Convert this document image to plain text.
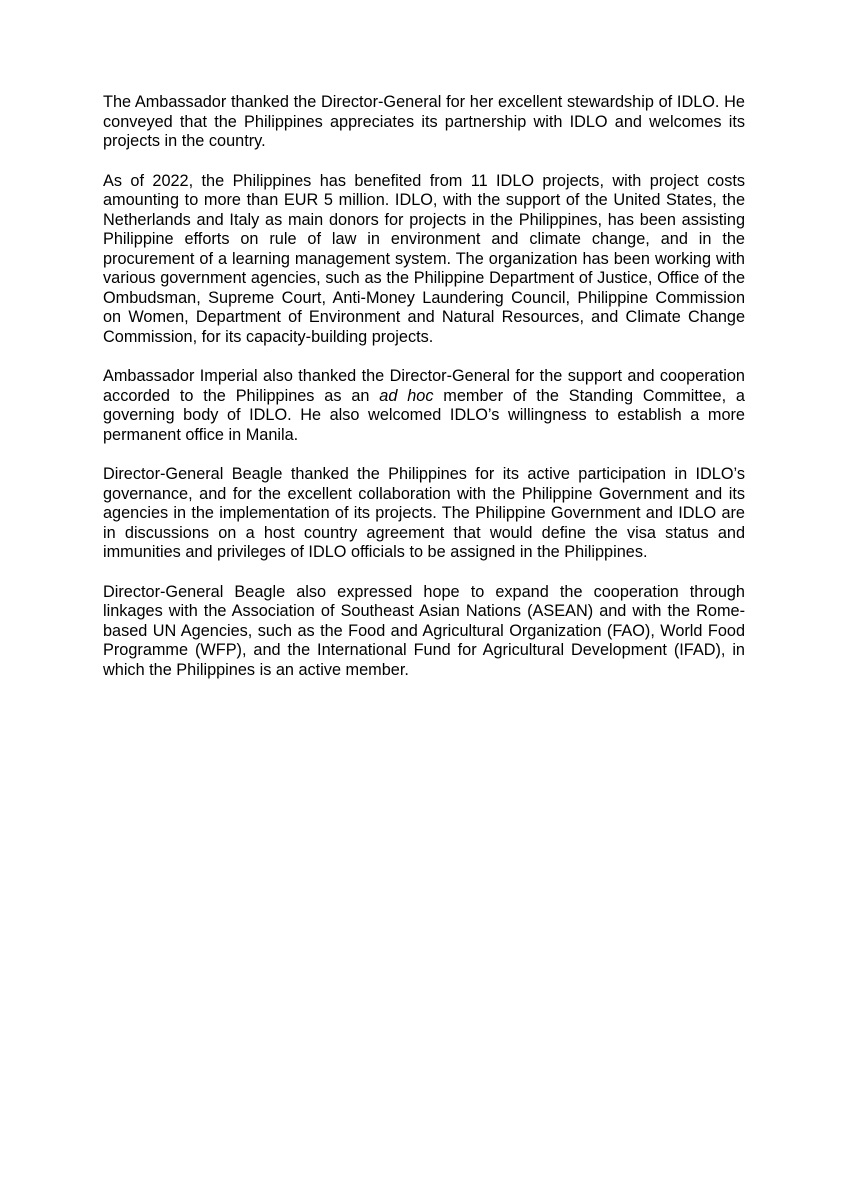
The Ambassador thanked the Director-General for her excellent stewardship of IDLO. He conveyed that the Philippines appreciates its partnership with IDLO and welcomes its projects in the country.

As of 2022, the Philippines has benefited from 11 IDLO projects, with project costs amounting to more than EUR 5 million. IDLO, with the support of the United States, the Netherlands and Italy as main donors for projects in the Philippines, has been assisting Philippine efforts on rule of law in environment and climate change, and in the procurement of a learning management system. The organization has been working with various government agencies, such as the Philippine Department of Justice, Office of the Ombudsman, Supreme Court, Anti-Money Laundering Council, Philippine Commission on Women, Department of Environment and Natural Resources, and Climate Change Commission, for its capacity-building projects.

Ambassador Imperial also thanked the Director-General for the support and cooperation accorded to the Philippines as an ad hoc member of the Standing Committee, a governing body of IDLO. He also welcomed IDLO’s willingness to establish a more permanent office in Manila.

Director-General Beagle thanked the Philippines for its active participation in IDLO’s governance, and for the excellent collaboration with the Philippine Government and its agencies in the implementation of its projects. The Philippine Government and IDLO are in discussions on a host country agreement that would define the visa status and immunities and privileges of IDLO officials to be assigned in the Philippines.

Director-General Beagle also expressed hope to expand the cooperation through linkages with the Association of Southeast Asian Nations (ASEAN) and with the Rome-based UN Agencies, such as the Food and Agricultural Organization (FAO), World Food Programme (WFP), and the International Fund for Agricultural Development (IFAD), in which the Philippines is an active member.
